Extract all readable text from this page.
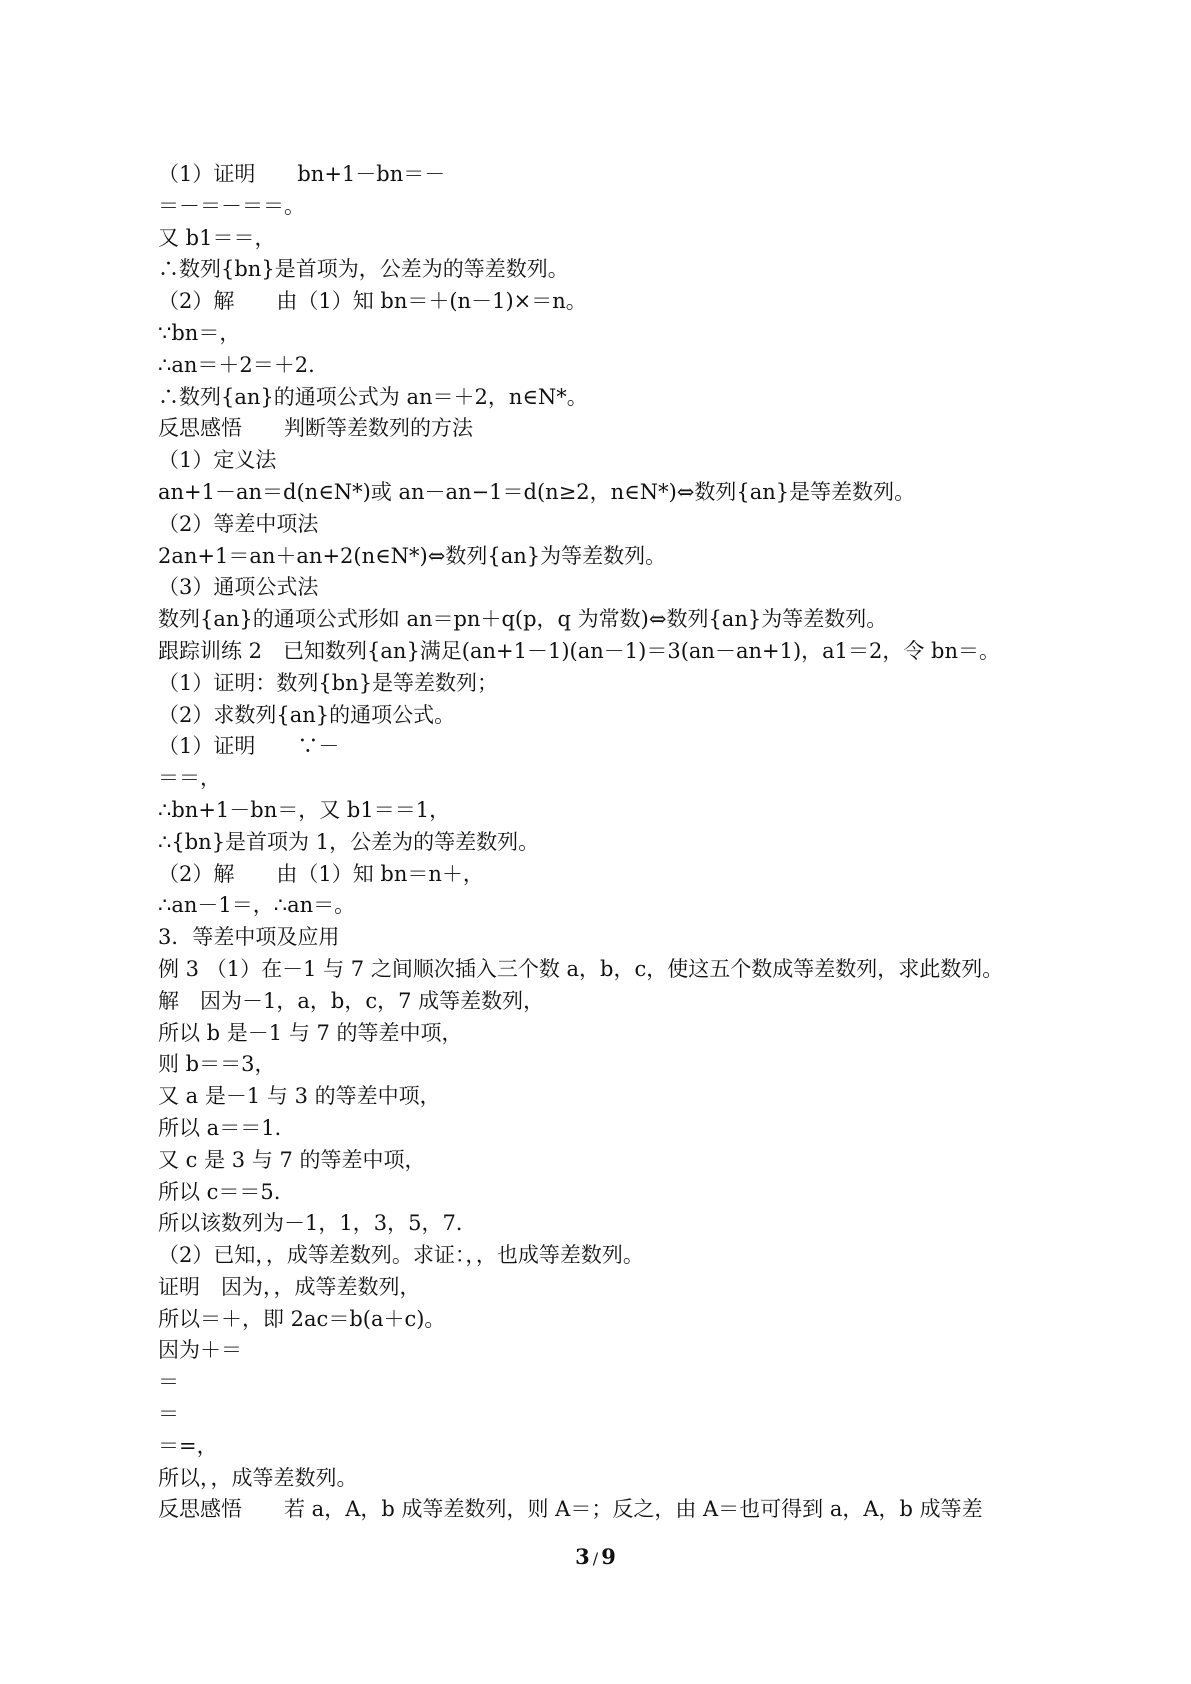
（1）证明　　bn+1－bn＝－
＝－＝－＝＝。
又 b1＝＝，
∴数列{bn}是首项为，公差为的等差数列。
（2）解　　由（1）知 bn＝＋(n－1)×＝n。
∵bn＝，
∴an＝＋2＝＋2.
∴数列{an}的通项公式为 an＝＋2，n∈N*。
反思感悟　　判断等差数列的方法
（1）定义法
an+1－an＝d(n∈N*)或 an－an−1＝d(n≥2，n∈N*)⇔数列{an}是等差数列。
（2）等差中项法
2an+1＝an＋an+2(n∈N*)⇔数列{an}为等差数列。
（3）通项公式法
数列{an}的通项公式形如 an＝pn＋q(p，q 为常数)⇔数列{an}为等差数列。
跟踪训练 2　已知数列{an}满足(an+1－1)(an－1)＝3(an－an+1)，a1＝2，令 bn＝。
（1）证明：数列{bn}是等差数列；
（2）求数列{an}的通项公式。
（1）证明　　∵－
＝＝，
∴bn+1－bn＝，又 b1＝＝1，
∴{bn}是首项为 1，公差为的等差数列。
（2）解　　由（1）知 bn＝n＋，
∴an－1＝，∴an＝。
3．等差中项及应用
例 3 （1）在－1 与 7 之间顺次插入三个数 a，b，c，使这五个数成等差数列，求此数列。
解　因为－1，a，b，c，7 成等差数列，
所以 b 是－1 与 7 的等差中项，
则 b＝＝3，
又 a 是－1 与 3 的等差中项，
所以 a＝＝1.
又 c 是 3 与 7 的等差中项，
所以 c＝＝5.
所以该数列为－1，1，3，5，7.
（2）已知，，成等差数列。求证：，，也成等差数列。
证明　因为，，成等差数列，
所以＝＋，即 2ac＝b(a＋c)。
因为＋＝
＝
＝
＝=，
所以，，成等差数列。
反思感悟　　若 a，A，b 成等差数列，则 A＝；反之，由 A＝也可得到 a，A，b 成等差
3 / 9
